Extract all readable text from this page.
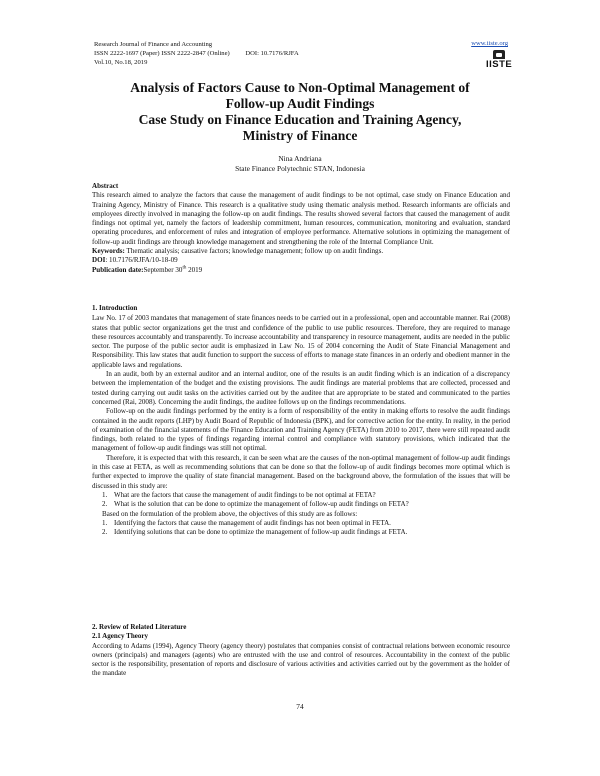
Research Journal of Finance and Accounting
ISSN 2222-1697 (Paper) ISSN 2222-2847 (Online) DOI: 10.7176/RJFA
Vol.10, No.18, 2019
www.iiste.org
IISTE
Analysis of Factors Cause to Non-Optimal Management of
Follow-up Audit Findings
Case Study on Finance Education and Training Agency,
Ministry of Finance
Nina Andriana
State Finance Polytechnic STAN, Indonesia
Abstract

This research aimed to analyze the factors that cause the management of audit findings to be not optimal, case study on Finance Education and Training Agency, Ministry of Finance. This research is a qualitative study using thematic analysis method. Research informants are officials and employees directly involved in managing the follow-up on audit findings. The results showed several factors that caused the management of audit findings not optimal yet, namely the factors of leadership commitment, human resources, communication, monitoring and evaluation, standard operating procedures, and enforcement of rules and integration of employee performance. Alternative solutions in optimizing the management of follow-up audit findings are through knowledge management and strengthening the role of the Internal Compliance Unit.

Keywords: Thematic analysis; causative factors; knowledge management; follow up on audit findings.
DOI: 10.7176/RJFA/10-18-09
Publication date:September 30th 2019
1. Introduction

Law No. 17 of 2003 mandates that management of state finances needs to be carried out in a professional, open and accountable manner. Rai (2008) states that public sector organizations get the trust and confidence of the public to use public resources. Therefore, they are required to manage these resources accountably and transparently. To increase accountability and transparency in resource management, audits are needed in the public sector. The purpose of the public sector audit is emphasized in Law No. 15 of 2004 concerning the Audit of State Financial Management and Responsibility. This law states that audit function to support the success of efforts to manage state finances in an orderly and obedient manner in the applicable laws and regulations.

In an audit, both by an external auditor and an internal auditor, one of the results is an audit finding which is an indication of a discrepancy between the implementation of the budget and the existing provisions. The audit findings are material problems that are collected, processed and tested during carrying out audit tasks on the activities carried out by the auditee that are appropriate to be stated and communicated to the parties concerned (Rai, 2008). Concerning the audit findings, the auditee follows up on the findings recommendations.

Follow-up on the audit findings performed by the entity is a form of responsibility of the entity in making efforts to resolve the audit findings contained in the audit reports (LHP) by Audit Board of Republic of Indonesia (BPK), and for corrective action for the entity. In reality, in the period of examination of the financial statements of the Finance Education and Training Agency (FETA) from 2010 to 2017, there were still repeated audit findings, both related to the types of findings regarding internal control and compliance with statutory provisions, which indicated that the management of follow-up audit findings was still not optimal.

Therefore, it is expected that with this research, it can be seen what are the causes of the non-optimal management of follow-up audit findings in this case at FETA, as well as recommending solutions that can be done so that the follow-up of audit findings becomes more optimal which is further expected to improve the quality of state financial management. Based on the background above, the formulation of the issues that will be discussed in this study are:

1. What are the factors that cause the management of audit findings to be not optimal at FETA?
2. What is the solution that can be done to optimize the management of follow-up audit findings on FETA?

Based on the formulation of the problem above, the objectives of this study are as follows:

1. Identifying the factors that cause the management of audit findings has not been optimal in FETA.
2. Identifying solutions that can be done to optimize the management of follow-up audit findings at FETA.
2. Review of Related Literature
2.1 Agency Theory

According to Adams (1994), Agency Theory (agency theory) postulates that companies consist of contractual relations between economic resource owners (principals) and managers (agents) who are entrusted with the use and control of resources. Accountability in the context of the public sector is the responsibility, presentation of reports and disclosure of various activities and activities carried out by the government as the holder of the mandate

74
